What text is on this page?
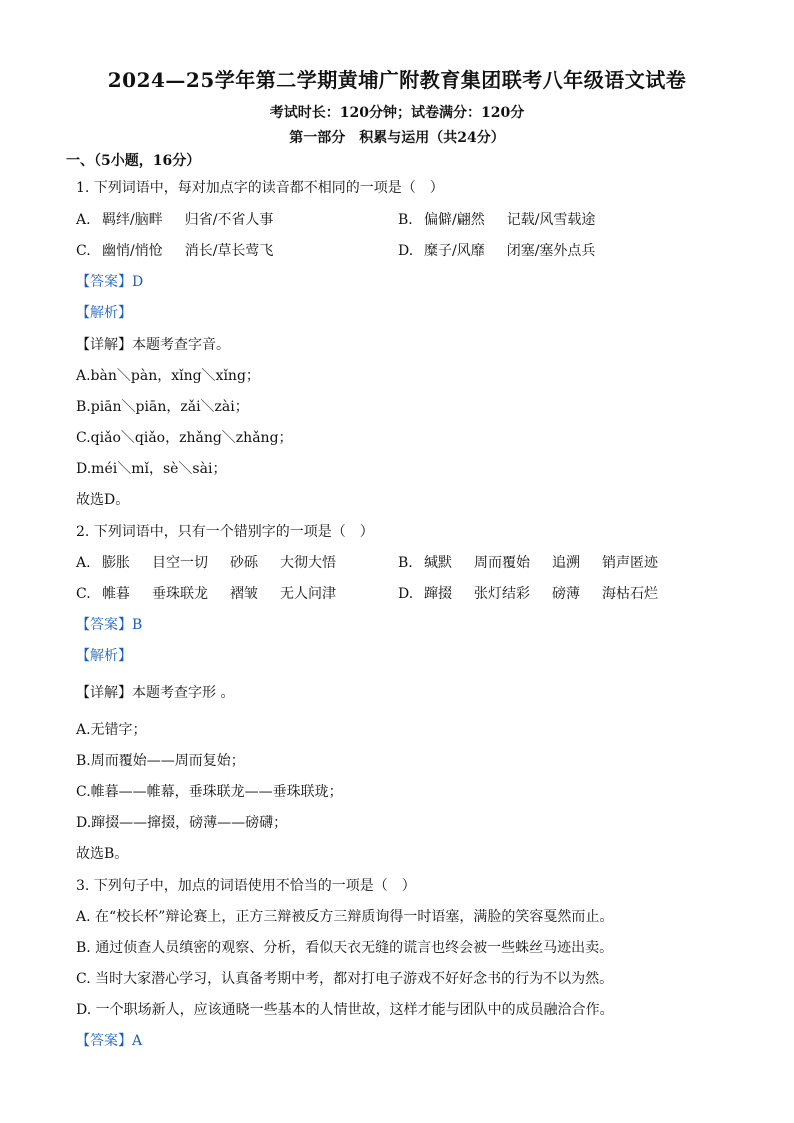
2024—25学年第二学期黄埔广附教育集团联考八年级语文试卷
考试时长：120分钟；试卷满分：120分
第一部分　积累与运用（共24分）
一、（5小题，16分）
1. 下列词语中，每对加点字的读音都不相同的一项是（　）
A. 羁绊/脑畔 归省/不省人事	B. 偏僻/翩然 记载/风雪载途
C. 幽悄/悄怆 消长/草长莺飞	D. 糜子/风靡 闭塞/塞外点兵
【答案】D
【解析】
【详解】本题考查字音。
A.bàn＼pàn，xǐng＼xǐng；
B.piān＼piān，zǎi＼zài；
C.qiǎo＼qiǎo，zhǎng＼zhǎng；
D.méi＼mǐ，sè＼sài；
故选D。
2. 下列词语中，只有一个错别字的一项是（　）
A. 膨胀 目空一切 砂砾 大彻大悟	B. 缄默 周而覆始 追溯 销声匿迹
C. 帷暮 垂珠联龙 褶皱 无人问津	D. 蹿掇 张灯结彩 磅薄 海枯石烂
【答案】B
【解析】
【详解】本题考查字形 。
A.无错字；
B.周而覆始——周而复始；
C.帷暮——帷幕，垂珠联龙——垂珠联珑；
D.蹿掇——撺掇，磅薄——磅礴；
故选B。
3. 下列句子中，加点的词语使用不恰当的一项是（　）
A. 在“校长杯”辩论赛上，正方三辩被反方三辩质询得一时语塞，满脸的笑容戛然而止。
B. 通过侦查人员缜密的观察、分析，看似天衣无缝的谎言也终会被一些蛛丝马迹出卖。
C. 当时大家潜心学习，认真备考期中考，都对打电子游戏不好好念书的行为不以为然。
D. 一个职场新人，应该通晓一些基本的人情世故，这样才能与团队中的成员融洽合作。
【答案】A
